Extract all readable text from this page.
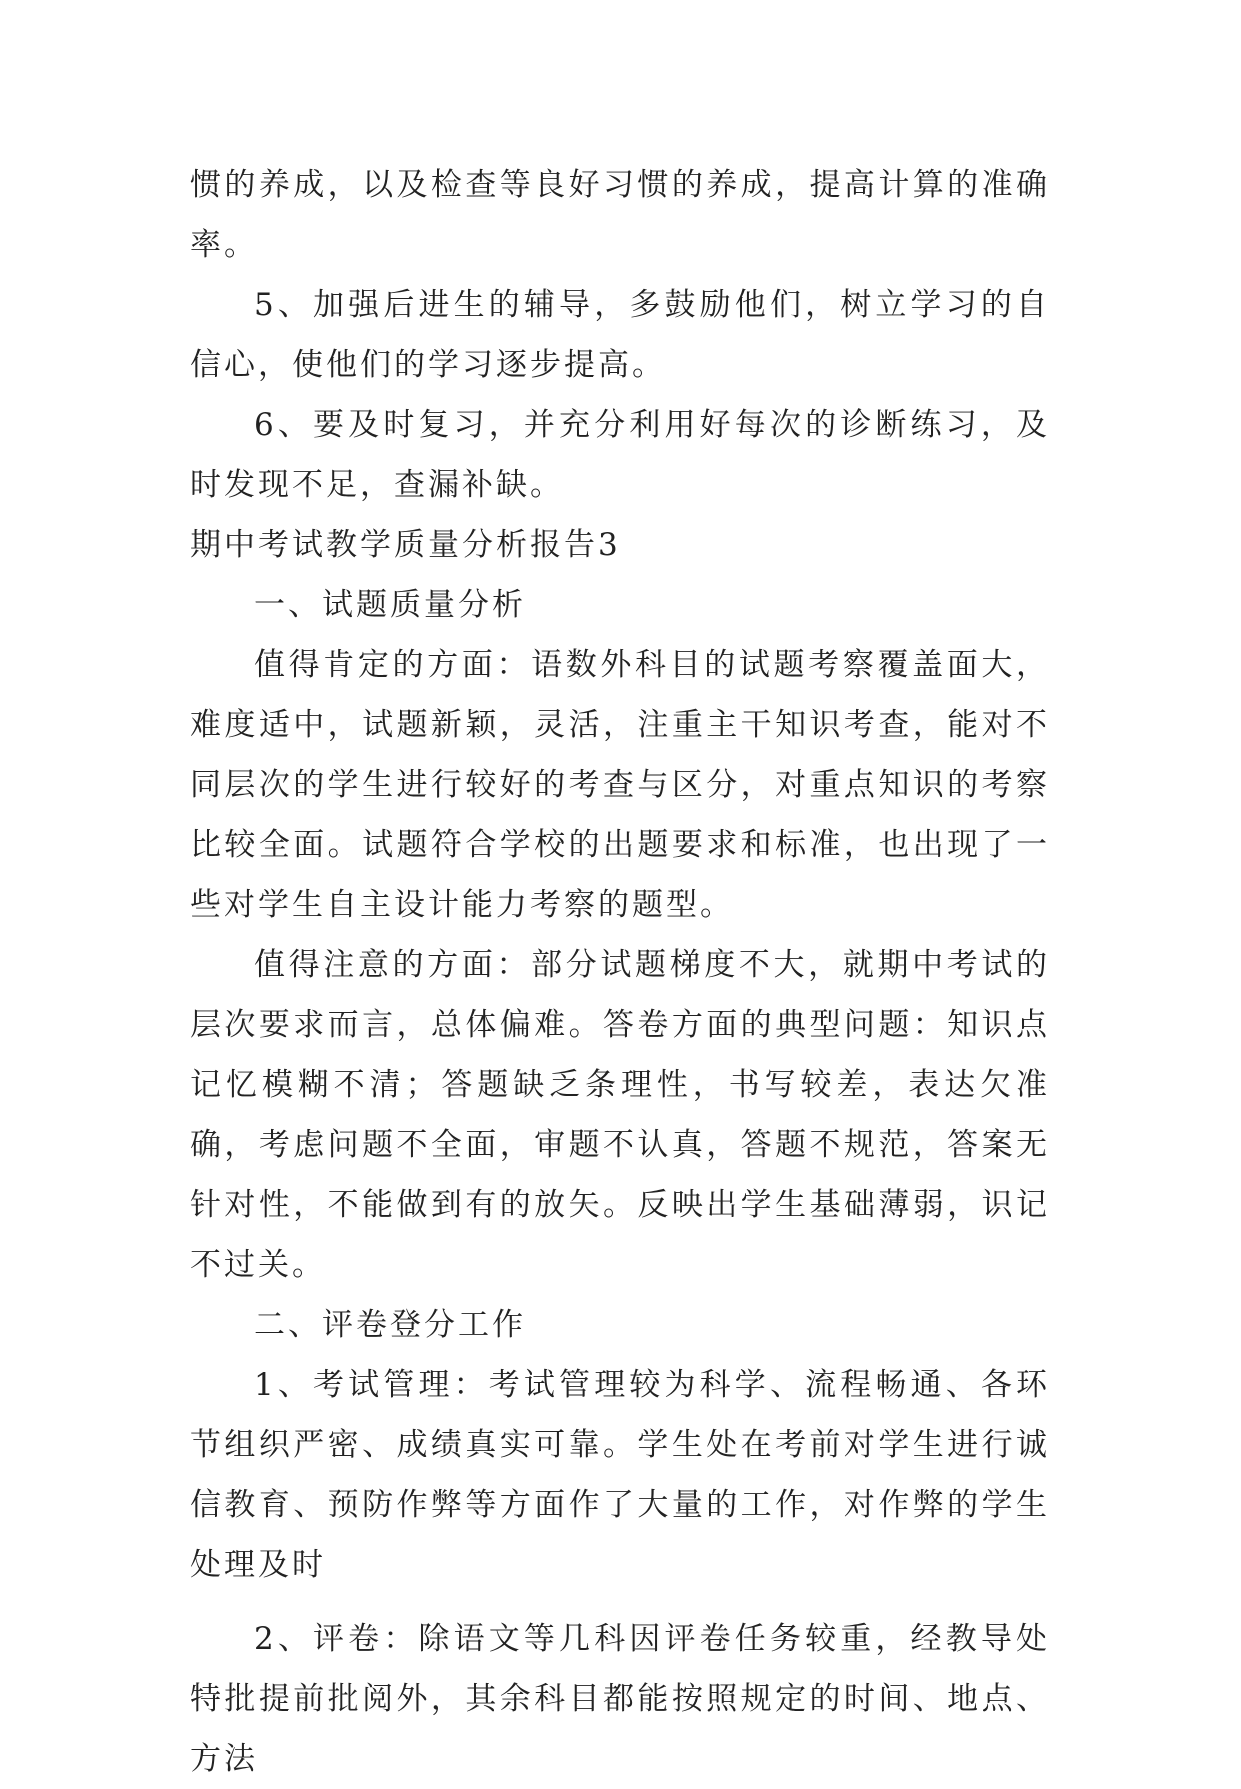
惯的养成，以及检查等良好习惯的养成，提高计算的准确率。

5、加强后进生的辅导，多鼓励他们，树立学习的自信心，使他们的学习逐步提高。

6、要及时复习，并充分利用好每次的诊断练习，及时发现不足，查漏补缺。

期中考试教学质量分析报告3

一、试题质量分析

值得肯定的方面：语数外科目的试题考察覆盖面大，难度适中，试题新颖，灵活，注重主干知识考查，能对不同层次的学生进行较好的考查与区分，对重点知识的考察比较全面。试题符合学校的出题要求和标准，也出现了一些对学生自主设计能力考察的题型。

值得注意的方面：部分试题梯度不大，就期中考试的层次要求而言，总体偏难。答卷方面的典型问题：知识点记忆模糊不清；答题缺乏条理性，书写较差，表达欠准确，考虑问题不全面，审题不认真，答题不规范，答案无针对性，不能做到有的放矢。反映出学生基础薄弱，识记不过关。

二、评卷登分工作

1、考试管理：考试管理较为科学、流程畅通、各环节组织严密、成绩真实可靠。学生处在考前对学生进行诚信教育、预防作弊等方面作了大量的工作，对作弊的学生处理及时

2、评卷：除语文等几科因评卷任务较重，经教导处特批提前批阅外，其余科目都能按照规定的时间、地点、方法
